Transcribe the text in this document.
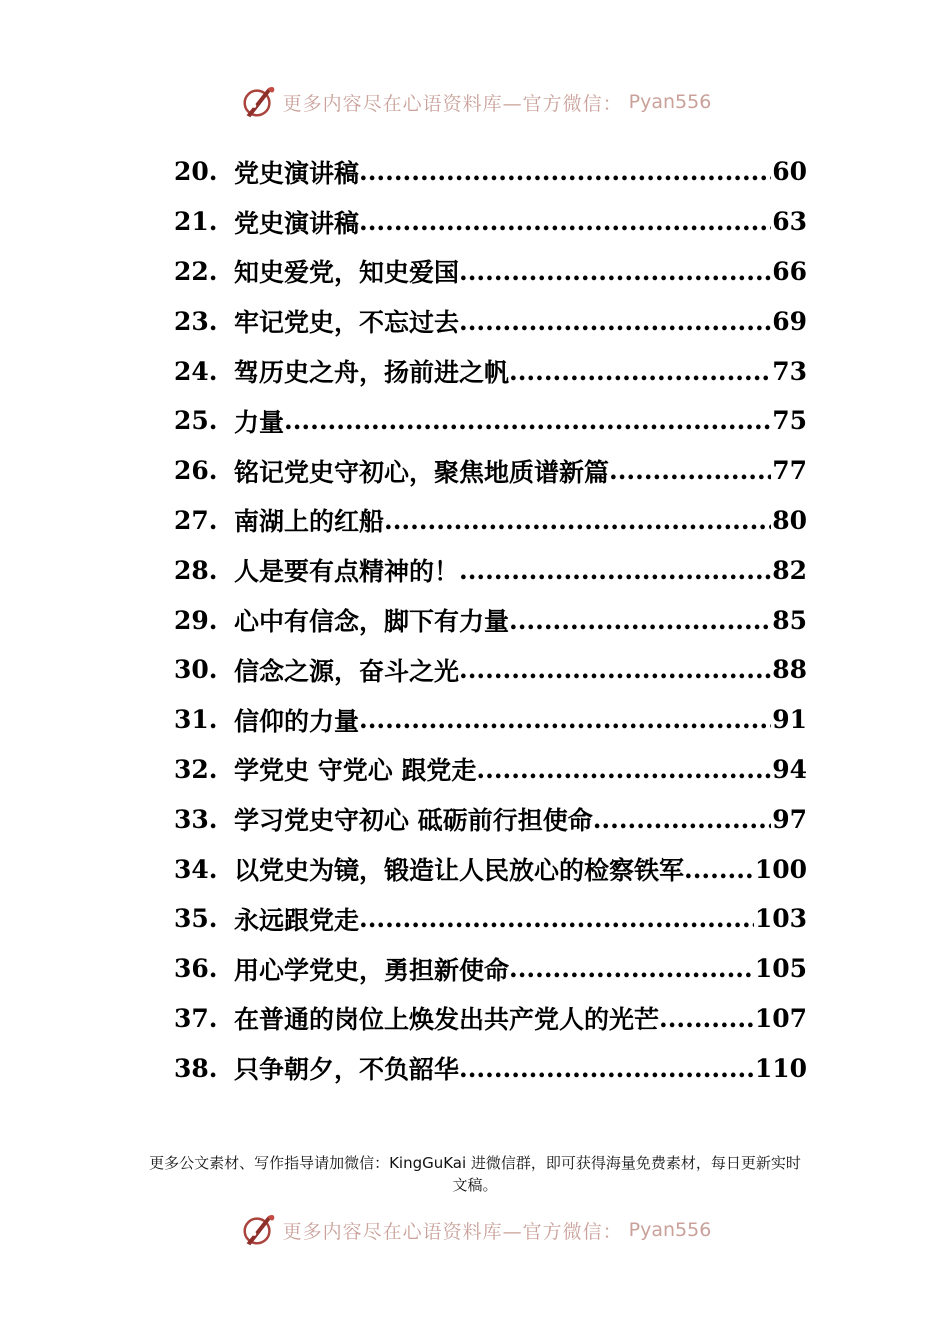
更多内容尽在心语资料库—官方微信： Pyan556
20. 党史演讲稿 .....	60
21. 党史演讲稿 .....	63
22. 知史爱党，知史爱国 .....	66
23. 牢记党史，不忘过去 .....	69
24. 驾历史之舟，扬前进之帆 .....	73
25. 力量 .....	75
26. 铭记党史守初心，聚焦地质谱新篇 .....	77
27. 南湖上的红船 .....	80
28. 人是要有点精神的！ .....	82
29. 心中有信念，脚下有力量 .....	85
30. 信念之源，奋斗之光 .....	88
31. 信仰的力量 .....	91
32. 学党史 守党心 跟党走 .....	94
33. 学习党史守初心 砥砺前行担使命 .....	97
34. 以党史为镜，锻造让人民放心的检察铁军 .....	100
35. 永远跟党走 .....	103
36. 用心学党史，勇担新使命 .....	105
37. 在普通的岗位上焕发出共产党人的光芒 .....	107
38. 只争朝夕，不负韶华 .....	110
更多公文素材、写作指导请加微信：KingGuKai 进微信群，即可获得海量免费素材，每日更新实时文稿。
更多内容尽在心语资料库—官方微信： Pyan556
